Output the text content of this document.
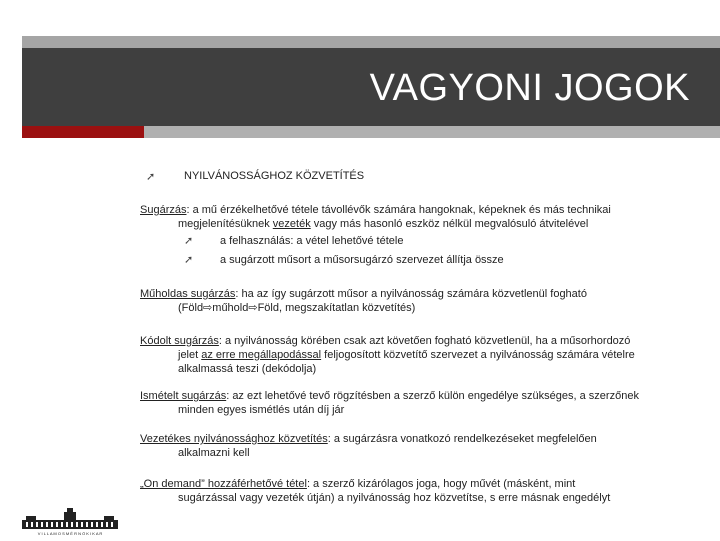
VAGYONI JOGOK
➚	NYILVÁNOSSÁGHOZ KÖZVETÍTÉS
Sugárzás: a mű érzékelhetővé tétele távollévők számára hangoknak, képeknek és más technikai
megjelenítésüknek vezeték vagy más hasonló eszköz nélkül megvalósuló átvitelével
➚ a felhasználás: a vétel lehetővé tétele
➚ a sugárzott műsort a műsorsugárzó szervezet állítja össze
Műholdas sugárzás: ha az így sugárzott műsor a nyilvánosság számára közvetlenül fogható
(Föld⇨műhold⇨Föld, megszakítatlan közvetítés)
Kódolt sugárzás: a nyilvánosság körében csak azt követően fogható közvetlenül, ha a műsorhordozó
jelet az erre megállapodással feljogosított közvetítő szervezet a nyilvánosság számára vételre
alkalmassá teszi (dekódolja)
Ismételt sugárzás: az ezt lehetővé tevő rögzítésben a szerző külön engedélye szükséges, a szerzőnek
minden egyes ismétlés után díj jár
Vezetékes nyilvánossághoz közvetítés: a sugárzásra vonatkozó rendelkezéseket megfelelően
alkalmazni kell
„On demand” hozzáférhetővé tétel: a szerző kizárólagos joga, hogy művét (másként, mint
sugárzással vagy vezeték útján) a nyilvánosság hoz közvetítse, s erre másnak engedélyt
V I L L A M O S M É R N Ö K I K A R
